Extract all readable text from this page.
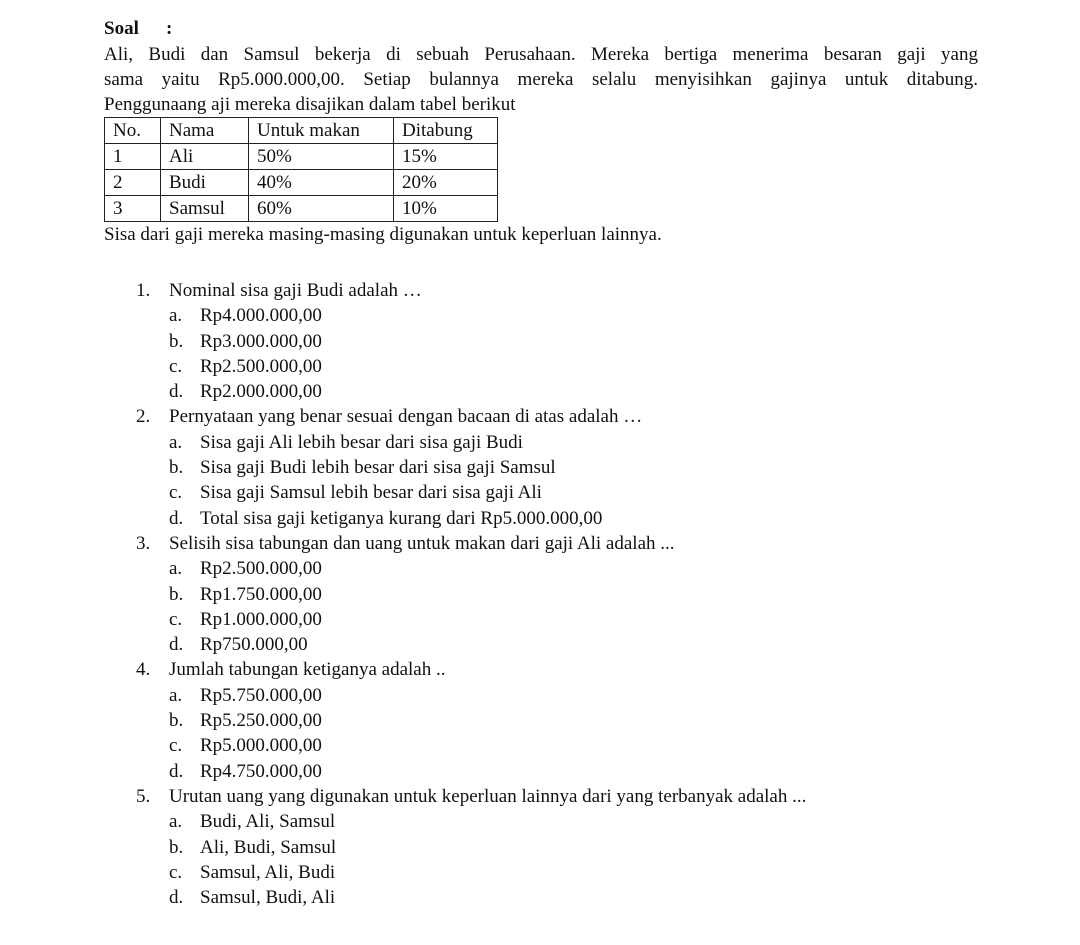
Soal	:
Ali, Budi dan Samsul bekerja di sebuah Perusahaan. Mereka bertiga menerima besaran gaji yang
sama yaitu Rp5.000.000,00. Setiap bulannya mereka selalu menyisihkan gajinya untuk ditabung.
Penggunaang aji mereka disajikan dalam tabel berikut
No.	Nama	Untuk makan	Ditabung
1	Ali	50%	15%
2	Budi	40%	20%
3	Samsul	60%	10%
Sisa dari gaji mereka masing-masing digunakan untuk keperluan lainnya.
1. Nominal sisa gaji Budi adalah …
a. Rp4.000.000,00
b. Rp3.000.000,00
c. Rp2.500.000,00
d. Rp2.000.000,00
2. Pernyataan yang benar sesuai dengan bacaan di atas adalah …
a. Sisa gaji Ali lebih besar dari sisa gaji Budi
b. Sisa gaji Budi lebih besar dari sisa gaji Samsul
c. Sisa gaji Samsul lebih besar dari sisa gaji Ali
d. Total sisa gaji ketiganya kurang dari Rp5.000.000,00
3. Selisih sisa tabungan dan uang untuk makan dari gaji Ali adalah ...
a. Rp2.500.000,00
b. Rp1.750.000,00
c. Rp1.000.000,00
d. Rp750.000,00
4. Jumlah tabungan ketiganya adalah ..
a. Rp5.750.000,00
b. Rp5.250.000,00
c. Rp5.000.000,00
d. Rp4.750.000,00
5. Urutan uang yang digunakan untuk keperluan lainnya dari yang terbanyak adalah ...
a. Budi, Ali, Samsul
b. Ali, Budi, Samsul
c. Samsul, Ali, Budi
d. Samsul, Budi, Ali
